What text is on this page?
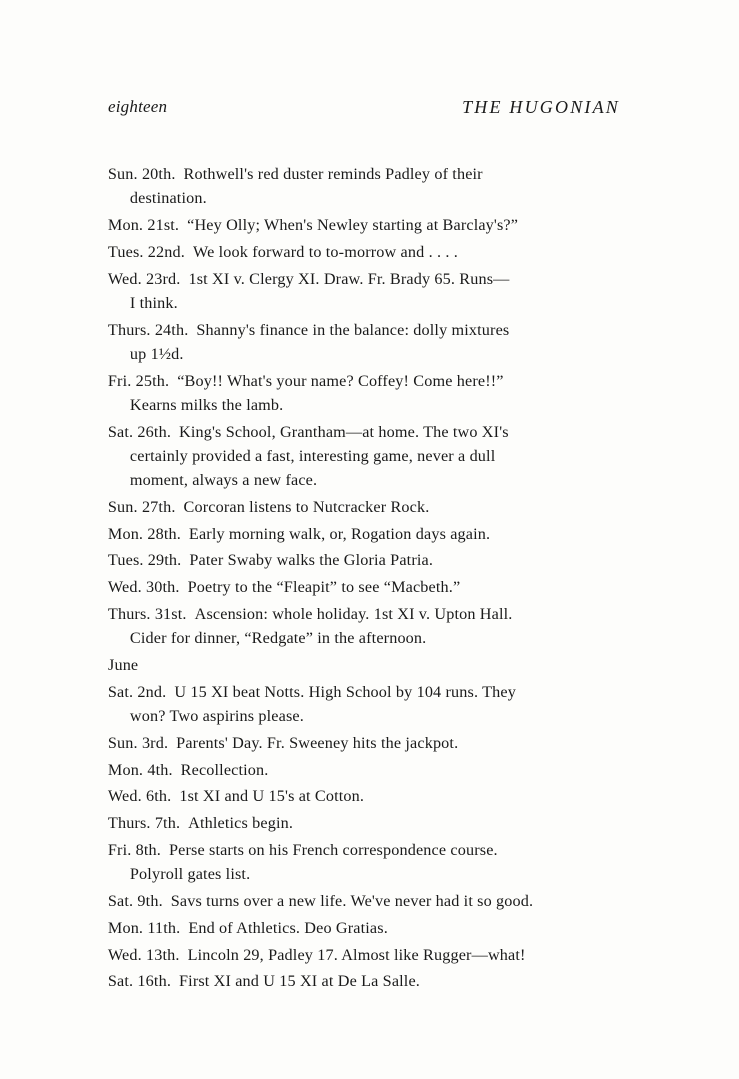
eighteen	THE HUGONIAN
Sun. 20th. Rothwell's red duster reminds Padley of their
destination.
Mon. 21st. “Hey Olly; When's Newley starting at Barclay's?”
Tues. 22nd. We look forward to to-morrow and . . . .
Wed. 23rd. 1st XI v. Clergy XI. Draw. Fr. Brady 65. Runs—
I think.
Thurs. 24th. Shanny's finance in the balance: dolly mixtures
up 1½d.
Fri. 25th. “Boy!! What's your name? Coffey! Come here!!”
Kearns milks the lamb.
Sat. 26th. King's School, Grantham—at home. The two XI's
certainly provided a fast, interesting game, never a dull
moment, always a new face.
Sun. 27th. Corcoran listens to Nutcracker Rock.
Mon. 28th. Early morning walk, or, Rogation days again.
Tues. 29th. Pater Swaby walks the Gloria Patria.
Wed. 30th. Poetry to the “Fleapit” to see “Macbeth.”
Thurs. 31st. Ascension: whole holiday. 1st XI v. Upton Hall.
Cider for dinner, “Redgate” in the afternoon.
June
Sat. 2nd. U 15 XI beat Notts. High School by 104 runs. They
won? Two aspirins please.
Sun. 3rd. Parents' Day. Fr. Sweeney hits the jackpot.
Mon. 4th. Recollection.
Wed. 6th. 1st XI and U 15's at Cotton.
Thurs. 7th. Athletics begin.
Fri. 8th. Perse starts on his French correspondence course.
Polyroll gates list.
Sat. 9th. Savs turns over a new life. We've never had it so good.
Mon. 11th. End of Athletics. Deo Gratias.
Wed. 13th. Lincoln 29, Padley 17. Almost like Rugger—what!
Sat. 16th. First XI and U 15 XI at De La Salle.
